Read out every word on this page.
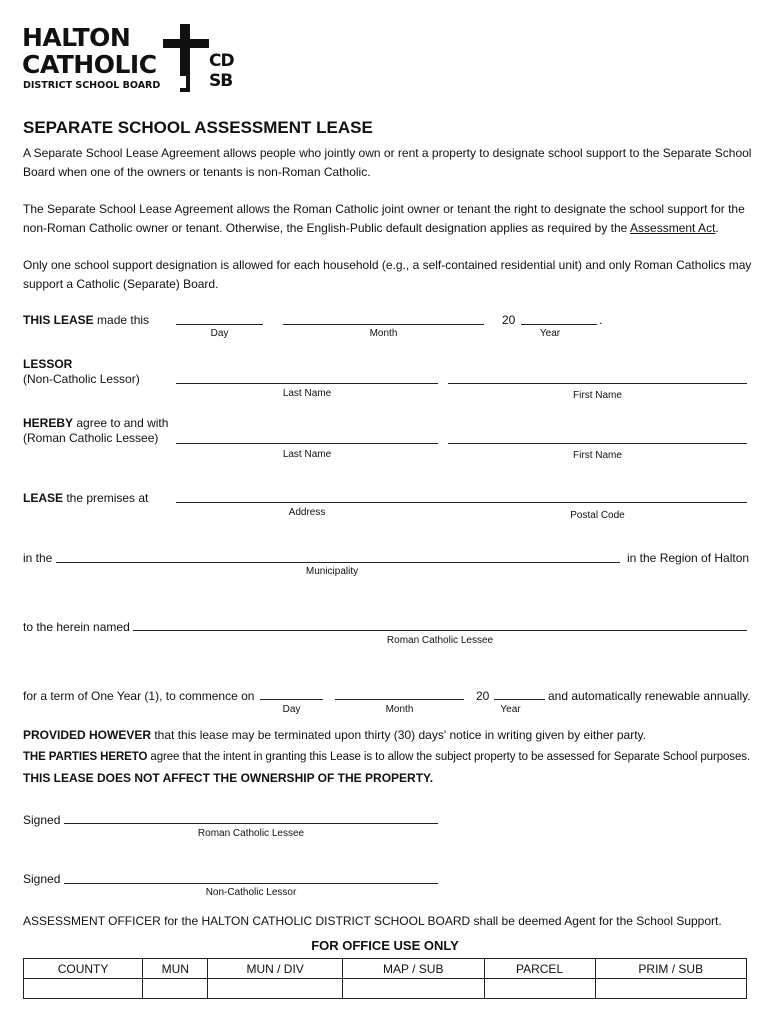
HALTON
CATHOLIC
DISTRICT SCHOOL BOARD
CD
SB
SEPARATE SCHOOL ASSESSMENT LEASE
A Separate School Lease Agreement allows people who jointly own or rent a property to designate school support to the Separate School Board when one of the owners or tenants is non-Roman Catholic.
The Separate School Lease Agreement allows the Roman Catholic joint owner or tenant the right to designate the school support for the non-Roman Catholic owner or tenant. Otherwise, the English-Public default designation applies as required by the Assessment Act.
Only one school support designation is allowed for each household (e.g., a self-contained residential unit) and only Roman Catholics may support a Catholic (Separate) Board.
THIS LEASE made this	20	.
Day	Month	Year
LESSOR
(Non-Catholic Lessor)
Last Name	First Name
HEREBY agree to and with
(Roman Catholic Lessee)
Last Name	First Name
LEASE the premises at
Address	Postal Code
in the	in the Region of Halton
Municipality
to the herein named
Roman Catholic Lessee
for a term of One Year (1), to commence on	20	and automatically renewable annually.
Day	Month	Year
PROVIDED HOWEVER that this lease may be terminated upon thirty (30) days' notice in writing given by either party.
THE PARTIES HERETO agree that the intent in granting this Lease is to allow the subject property to be assessed for Separate School purposes.
THIS LEASE DOES NOT AFFECT THE OWNERSHIP OF THE PROPERTY.
Signed
Roman Catholic Lessee
Signed
Non-Catholic Lessor
ASSESSMENT OFFICER for the HALTON CATHOLIC DISTRICT SCHOOL BOARD shall be deemed Agent for the School Support.
FOR OFFICE USE ONLY
COUNTY	MUN	MUN / DIV	MAP / SUB	PARCEL	PRIM / SUB
